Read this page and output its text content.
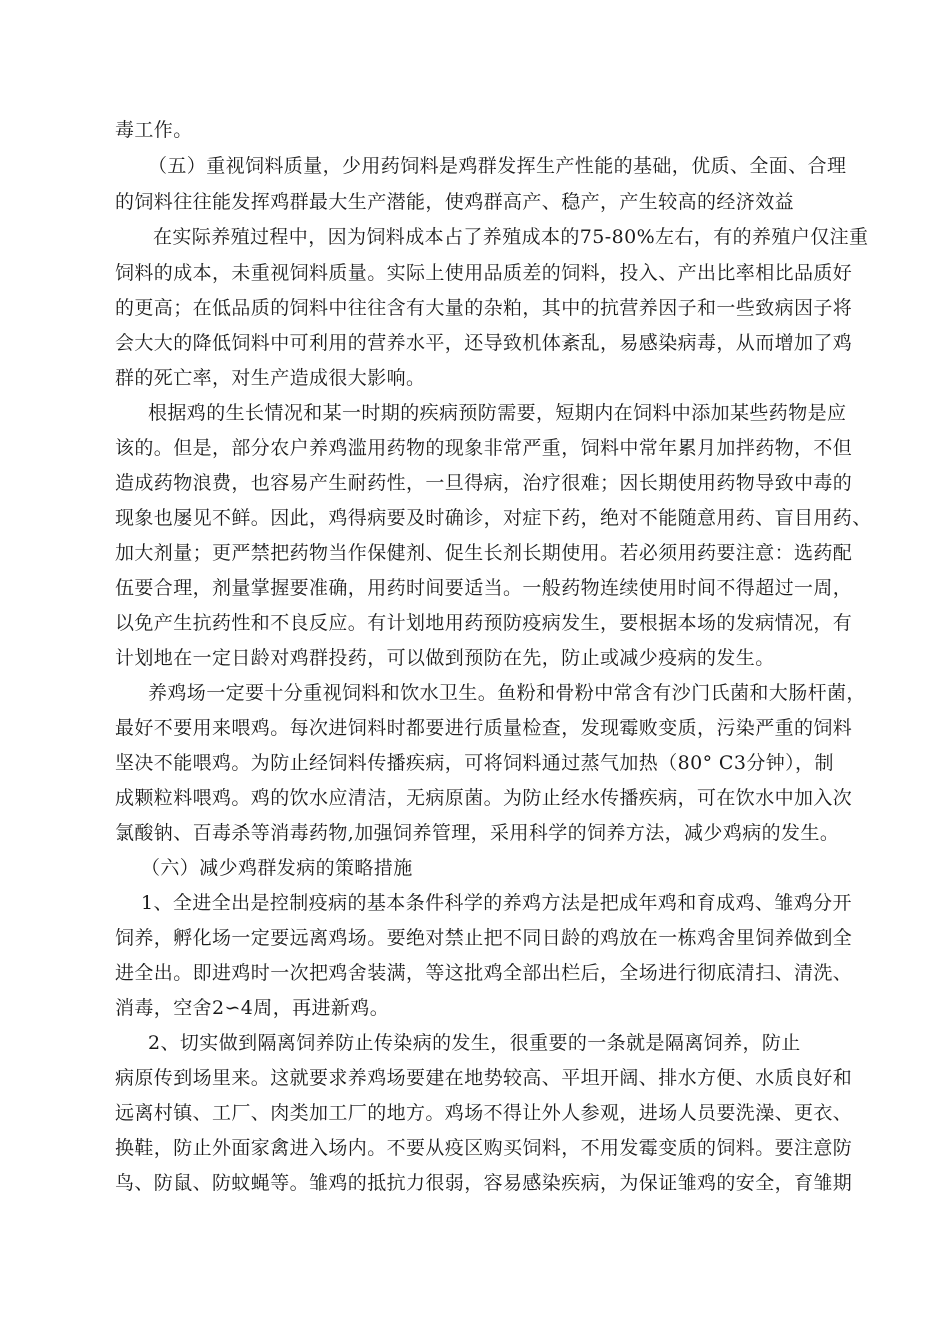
毒工作。
（五）重视饲料质量，少用药饲料是鸡群发挥生产性能的基础，优质、全面、合理
的饲料往往能发挥鸡群最大生产潜能，使鸡群高产、稳产，产生较高的经济效益
在实际养殖过程中，因为饲料成本占了养殖成本的75-80%左右，有的养殖户仅注重
饲料的成本，未重视饲料质量。实际上使用品质差的饲料，投入、产出比率相比品质好
的更高；在低品质的饲料中往往含有大量的杂粕，其中的抗营养因子和一些致病因子将
会大大的降低饲料中可利用的营养水平，还导致机体紊乱，易感染病毒，从而增加了鸡
群的死亡率，对生产造成很大影响。
根据鸡的生长情况和某一时期的疾病预防需要，短期内在饲料中添加某些药物是应
该的。但是，部分农户养鸡滥用药物的现象非常严重，饲料中常年累月加拌药物，不但
造成药物浪费，也容易产生耐药性，一旦得病，治疗很难；因长期使用药物导致中毒的
现象也屡见不鲜。因此，鸡得病要及时确诊，对症下药，绝对不能随意用药、盲目用药、
加大剂量；更严禁把药物当作保健剂、促生长剂长期使用。若必须用药要注意：选药配
伍要合理，剂量掌握要准确，用药时间要适当。一般药物连续使用时间不得超过一周，
以免产生抗药性和不良反应。有计划地用药预防疫病发生，要根据本场的发病情况，有
计划地在一定日龄对鸡群投药，可以做到预防在先，防止或减少疫病的发生。
养鸡场一定要十分重视饲料和饮水卫生。鱼粉和骨粉中常含有沙门氏菌和大肠杆菌，
最好不要用来喂鸡。每次进饲料时都要进行质量检查，发现霉败变质，污染严重的饲料
坚决不能喂鸡。为防止经饲料传播疾病，可将饲料通过蒸气加热（80° C3分钟），制
成颗粒料喂鸡。鸡的饮水应清洁，无病原菌。为防止经水传播疾病，可在饮水中加入次
氯酸钠、百毒杀等消毒药物,加强饲养管理，采用科学的饲养方法，减少鸡病的发生。
（六）减少鸡群发病的策略措施
1、全进全出是控制疫病的基本条件科学的养鸡方法是把成年鸡和育成鸡、雏鸡分开
饲养，孵化场一定要远离鸡场。要绝对禁止把不同日龄的鸡放在一栋鸡舍里饲养做到全
进全出。即进鸡时一次把鸡舍装满，等这批鸡全部出栏后，全场进行彻底清扫、清洗、
消毒，空舍2∽4周，再进新鸡。
2、切实做到隔离饲养防止传染病的发生，很重要的一条就是隔离饲养，防止
病原传到场里来。这就要求养鸡场要建在地势较高、平坦开阔、排水方便、水质良好和
远离村镇、工厂、肉类加工厂的地方。鸡场不得让外人参观，进场人员要洗澡、更衣、
换鞋，防止外面家禽进入场内。不要从疫区购买饲料，不用发霉变质的饲料。要注意防
鸟、防鼠、防蚊蝇等。雏鸡的抵抗力很弱，容易感染疾病，为保证雏鸡的安全，育雏期
